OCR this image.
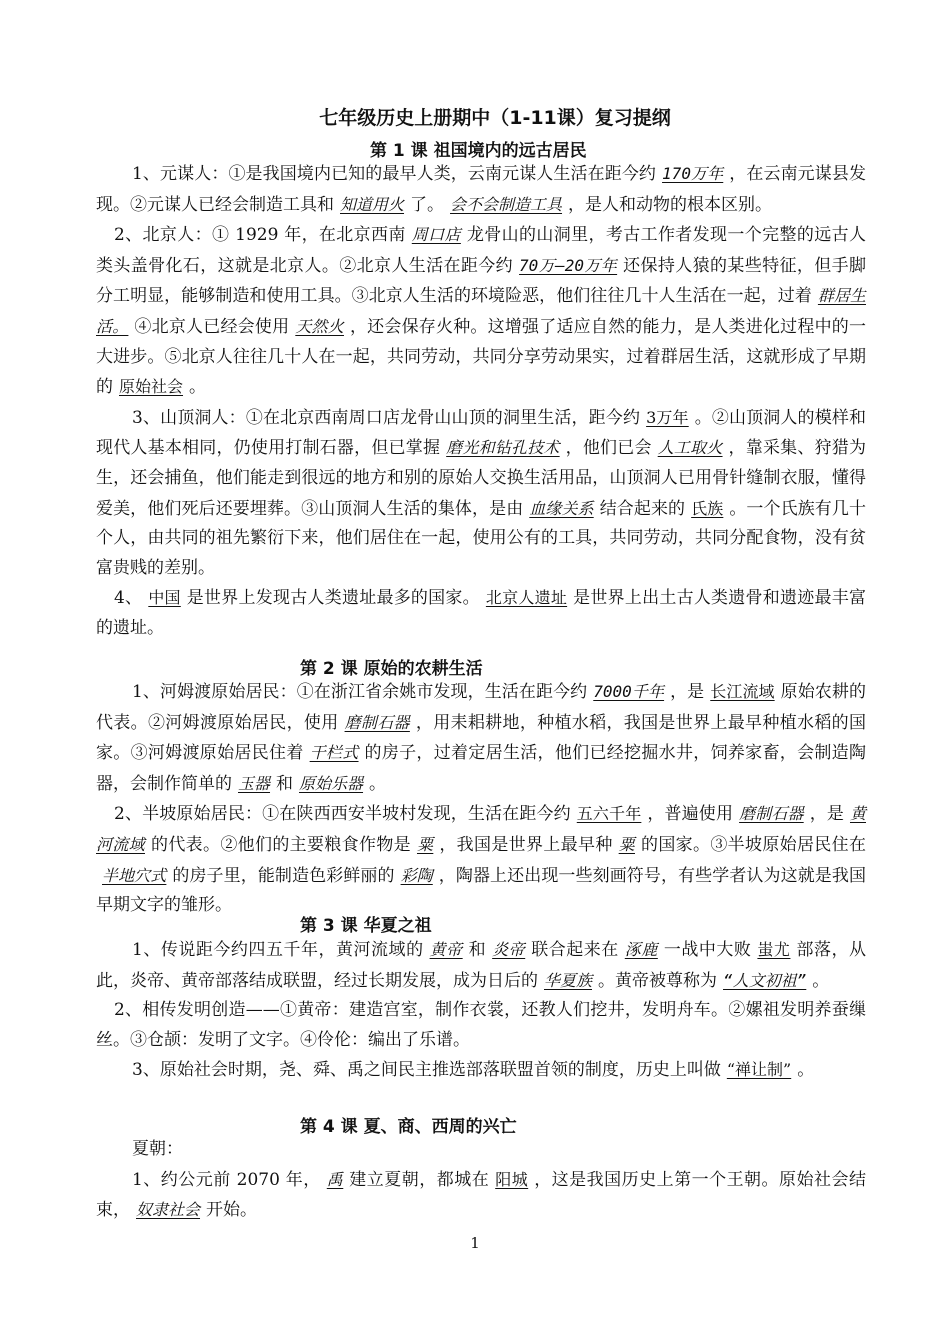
七年级历史上册期中（1-11课）复习提纲
第 1 课 祖国境内的远古居民

1、元谋人：①是我国境内已知的最早人类，云南元谋人生活在距今约 170万年 ，在云南元谋县发现。②元谋人已经会制造工具和 知道用火 了。 会不会制造工具 ，是人和动物的根本区别。

2、北京人：① 1929 年，在北京西南 周口店 龙骨山的山洞里，考古工作者发现一个完整的远古人类头盖骨化石，这就是北京人。②北京人生活在距今约 70万—20万年 还保持人猿的某些特征，但手脚分工明显，能够制造和使用工具。③北京人生活的环境险恶，他们往往几十人生活在一起，过着 群居生活。 ④北京人已经会使用 天然火 ，还会保存火种。这增强了适应自然的能力，是人类进化过程中的一大进步。⑤北京人往往几十人在一起，共同劳动，共同分享劳动果实，过着群居生活，这就形成了早期的 原始社会 。

3、山顶洞人：①在北京西南周口店龙骨山山顶的洞里生活，距今约 3万年 。②山顶洞人的模样和现代人基本相同，仍使用打制石器，但已掌握 磨光和钻孔技术 ，他们已会 人工取火 ，靠采集、狩猎为生，还会捕鱼，他们能走到很远的地方和别的原始人交换生活用品，山顶洞人已用骨针缝制衣服，懂得爱美，他们死后还要埋葬。③山顶洞人生活的集体，是由 血缘关系 结合起来的 氏族 。一个氏族有几十个人，由共同的祖先繁衍下来，他们居住在一起，使用公有的工具，共同劳动，共同分配食物，没有贫富贵贱的差别。

4、 中国 是世界上发现古人类遗址最多的国家。 北京人遗址 是世界上出土古人类遗骨和遗迹最丰富的遗址。

第 2 课 原始的农耕生活

1、河姆渡原始居民：①在浙江省余姚市发现，生活在距今约 7000千年 ，是 长江流域 原始农耕的代表。②河姆渡原始居民，使用 磨制石器 ，用耒耜耕地，种植水稻，我国是世界上最早种植水稻的国家。③河姆渡原始居民住着 干栏式 的房子，过着定居生活，他们已经挖掘水井，饲养家畜，会制造陶器，会制作简单的 玉器 和 原始乐器 。

2、半坡原始居民：①在陕西西安半坡村发现，生活在距今约 五六千年 ，普遍使用 磨制石器 ，是 黄河流域 的代表。②他们的主要粮食作物是 粟 ，我国是世界上最早种 粟 的国家。③半坡原始居民住在半地穴式 的房子里，能制造色彩鲜丽的 彩陶 ，陶器上还出现一些刻画符号，有些学者认为这就是我国早期文字的雏形。

第 3 课 华夏之祖

1、传说距今约四五千年，黄河流域的 黄帝 和 炎帝 联合起来在 涿鹿 一战中大败 蚩尤 部落，从此，炎帝、黄帝部落结成联盟，经过长期发展，成为日后的 华夏族 。黄帝被尊称为 “人文初祖” 。

2、相传发明创造——①黄帝：建造宫室，制作衣裳，还教人们挖井，发明舟车。②嫘祖发明养蚕缫丝。③仓颉：发明了文字。④伶伦：编出了乐谱。

3、原始社会时期，尧、舜、禹之间民主推选部落联盟首领的制度，历史上叫做 “禅让制” 。

第 4 课 夏、商、西周的兴亡

夏朝：

1、约公元前 2070 年， 禹 建立夏朝，都城在 阳城 ，这是我国历史上第一个王朝。原始社会结束， 奴隶社会 开始。

1
